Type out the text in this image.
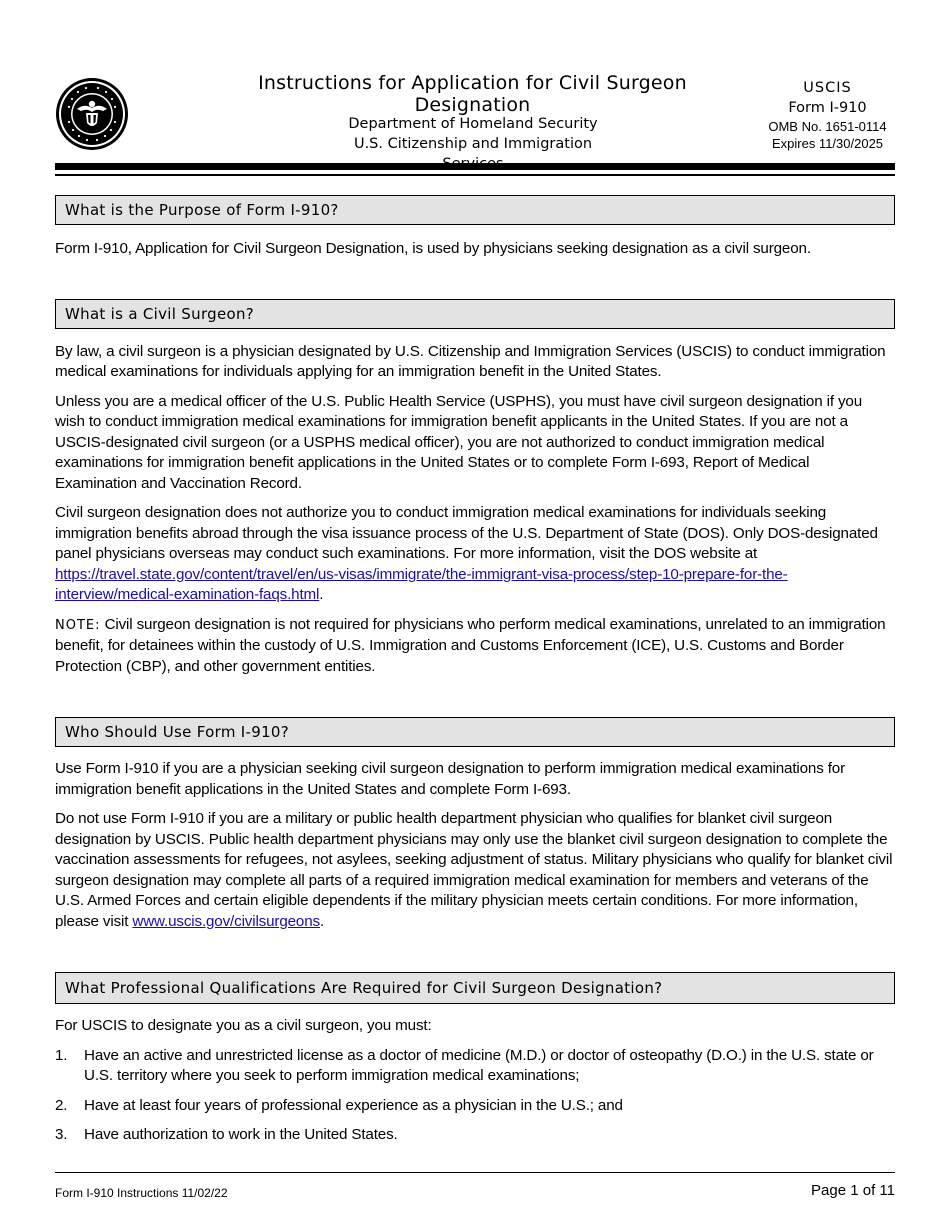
Instructions for Application for Civil Surgeon Designation
Department of Homeland Security
U.S. Citizenship and Immigration
USCIS
Form I-910
OMB No. 1651-0114
Expires 11/30/2025
What is the Purpose of Form I-910?

Form I-910, Application for Civil Surgeon Designation, is used by physicians seeking designation as a civil surgeon.

What is a Civil Surgeon?

By law, a civil surgeon is a physician designated by U.S. Citizenship and Immigration Services (USCIS) to conduct immigration medical examinations for individuals applying for an immigration benefit in the United States.

Unless you are a medical officer of the U.S. Public Health Service (USPHS), you must have civil surgeon designation if you wish to conduct immigration medical examinations for immigration benefit applicants in the United States. If you are not a USCIS-designated civil surgeon (or a USPHS medical officer), you are not authorized to conduct immigration medical examinations for immigration benefit applications in the United States or to complete Form I-693, Report of Medical Examination and Vaccination Record.

Civil surgeon designation does not authorize you to conduct immigration medical examinations for individuals seeking immigration benefits abroad through the visa issuance process of the U.S. Department of State (DOS). Only DOS-designated panel physicians overseas may conduct such examinations. For more information, visit the DOS website at https://travel.state.gov/content/travel/en/us-visas/immigrate/the-immigrant-visa-process/step-10-prepare-for-the-interview/medical-examination-faqs.html.

NOTE: Civil surgeon designation is not required for physicians who perform medical examinations, unrelated to an immigration benefit, for detainees within the custody of U.S. Immigration and Customs Enforcement (ICE), U.S. Customs and Border Protection (CBP), and other government entities.

Who Should Use Form I-910?

Use Form I-910 if you are a physician seeking civil surgeon designation to perform immigration medical examinations for immigration benefit applications in the United States and complete Form I-693.

Do not use Form I-910 if you are a military or public health department physician who qualifies for blanket civil surgeon designation by USCIS. Public health department physicians may only use the blanket civil surgeon designation to complete the vaccination assessments for refugees, not asylees, seeking adjustment of status. Military physicians who qualify for blanket civil surgeon designation may complete all parts of a required immigration medical examination for members and veterans of the U.S. Armed Forces and certain eligible dependents if the military physician meets certain conditions. For more information, please visit www.uscis.gov/civilsurgeons.

What Professional Qualifications Are Required for Civil Surgeon Designation?

For USCIS to designate you as a civil surgeon, you must:

1. Have an active and unrestricted license as a doctor of medicine (M.D.) or doctor of osteopathy (D.O.) in the U.S. state or U.S. territory where you seek to perform immigration medical examinations;
2. Have at least four years of professional experience as a physician in the U.S.; and
3. Have authorization to work in the United States.
Form I-910 Instructions 11/02/22	Page 1 of 11
